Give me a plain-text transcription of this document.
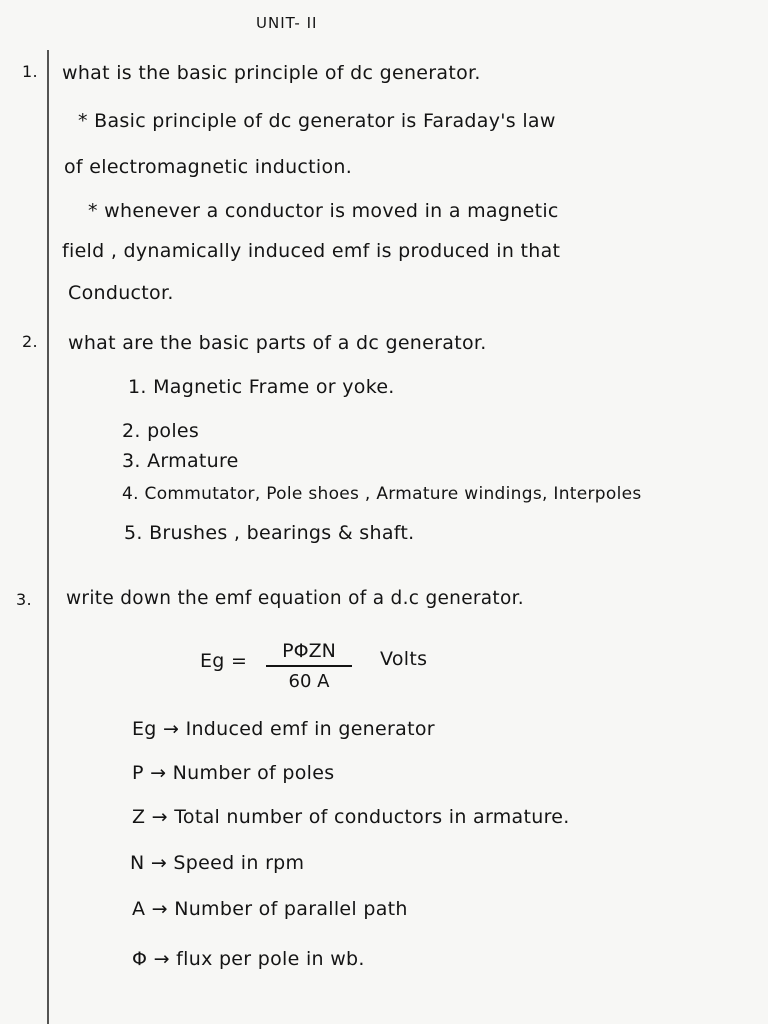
UNIT- II
1. what is the basic principle of dc generator.
* Basic principle of dc generator is Faraday's law
of electromagnetic induction.
* whenever a conductor is moved in a magnetic
field , dynamically induced emf is produced in that
Conductor.
2. what are the basic parts of a dc generator.
1. Magnetic Frame or yoke.
2. poles
3. Armature
4. Commutator, Pole shoes , Armature windings, Interpoles
5. Brushes , bearings & shaft.
3. write down the emf equation of a d.c generator.
Eg =	PΦZN
60 A
Volts
Eg → Induced emf in generator
P → Number of poles
Z → Total number of conductors in armature.
N → Speed in rpm
A → Number of parallel path
Φ → flux per pole in wb.
